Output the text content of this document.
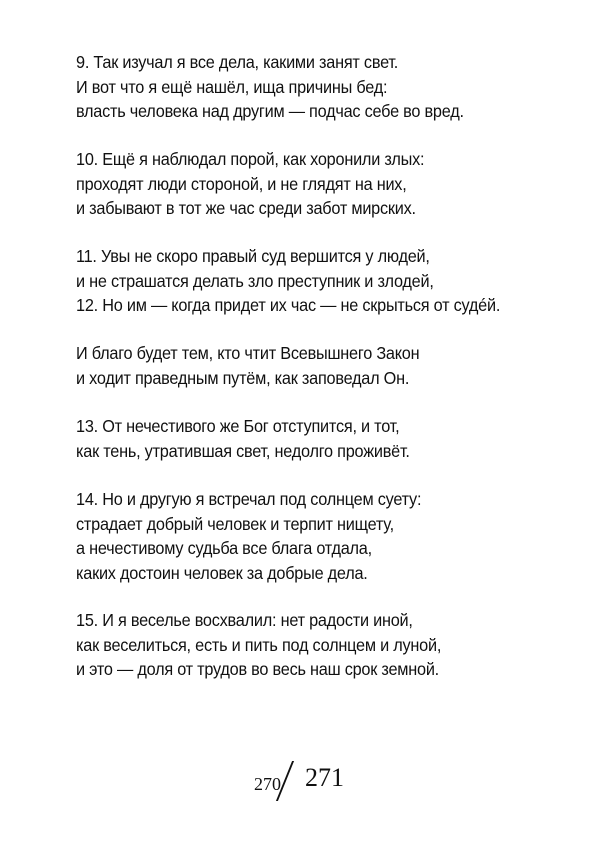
9. Так изучал я все дела, какими занят свет.
И вот что я ещё нашёл, ища причины бед:
власть человека над другим — подчас себе во вред.
10. Ещё я наблюдал порой, как хоронили злых:
проходят люди стороной, и не глядят на них,
и забывают в тот же час среди забот мирских.
11. Увы не скоро правый суд вершится у людей,
и не страшатся делать зло преступник и злодей,
12. Но им — когда придет их час — не скрыться от судéй.
И благо будет тем, кто чтит Всевышнего Закон
и ходит праведным путём, как заповедал Он.
13. От нечестивого же Бог отступится, и тот,
как тень, утратившая свет, недолго проживёт.
14. Но и другую я встречал под солнцем суету:
страдает добрый человек и терпит нищету,
а нечестивому судьба все блага отдала,
каких достоин человек за добрые дела.
15. И я веселье восхвалил: нет радости иной,
как веселиться, есть и пить под солнцем и луной,
и это — доля от трудов во весь наш срок земной.
270 271
